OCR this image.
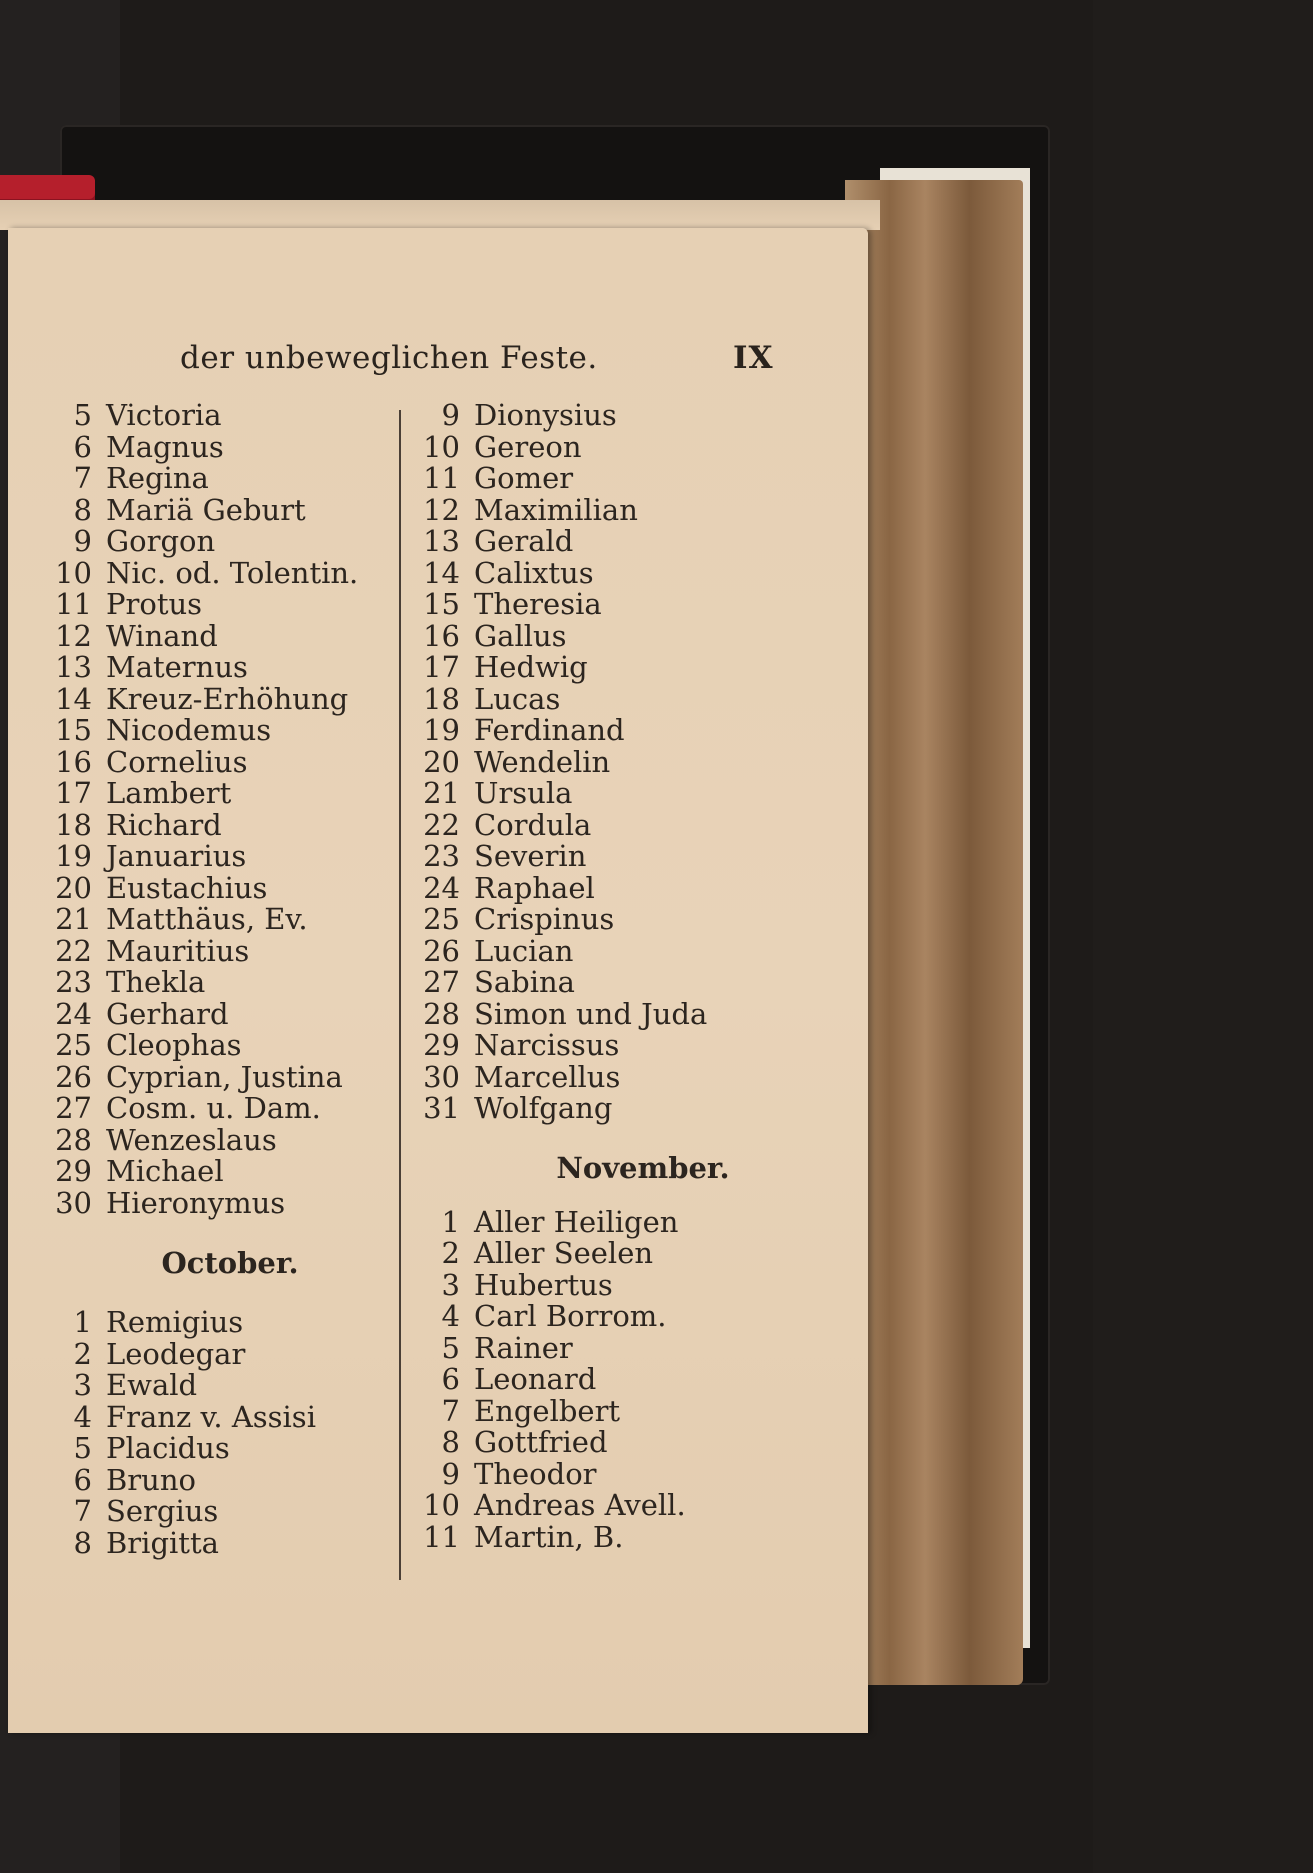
der unbeweglichen Feste.	IX
5 Victoria
6 Magnus
7 Regina
8 Mariä Geburt
9 Gorgon
10 Nic. od. Tolentin.
11 Protus
12 Winand
13 Maternus
14 Kreuz-Erhöhung
15 Nicodemus
16 Cornelius
17 Lambert
18 Richard
19 Januarius
20 Eustachius
21 Matthäus, Ev.
22 Mauritius
23 Thekla
24 Gerhard
25 Cleophas
26 Cyprian, Justina
27 Cosm. u. Dam.
28 Wenzeslaus
29 Michael
30 Hieronymus
October.
1 Remigius
2 Leodegar
3 Ewald
4 Franz v. Assisi
5 Placidus
6 Bruno
7 Sergius
8 Brigitta
9 Dionysius
10 Gereon
11 Gomer
12 Maximilian
13 Gerald
14 Calixtus
15 Theresia
16 Gallus
17 Hedwig
18 Lucas
19 Ferdinand
20 Wendelin
21 Ursula
22 Cordula
23 Severin
24 Raphael
25 Crispinus
26 Lucian
27 Sabina
28 Simon und Juda
29 Narcissus
30 Marcellus
31 Wolfgang
November.
1 Aller Heiligen
2 Aller Seelen
3 Hubertus
4 Carl Borrom.
5 Rainer
6 Leonard
7 Engelbert
8 Gottfried
9 Theodor
10 Andreas Avell.
11 Martin, B.
